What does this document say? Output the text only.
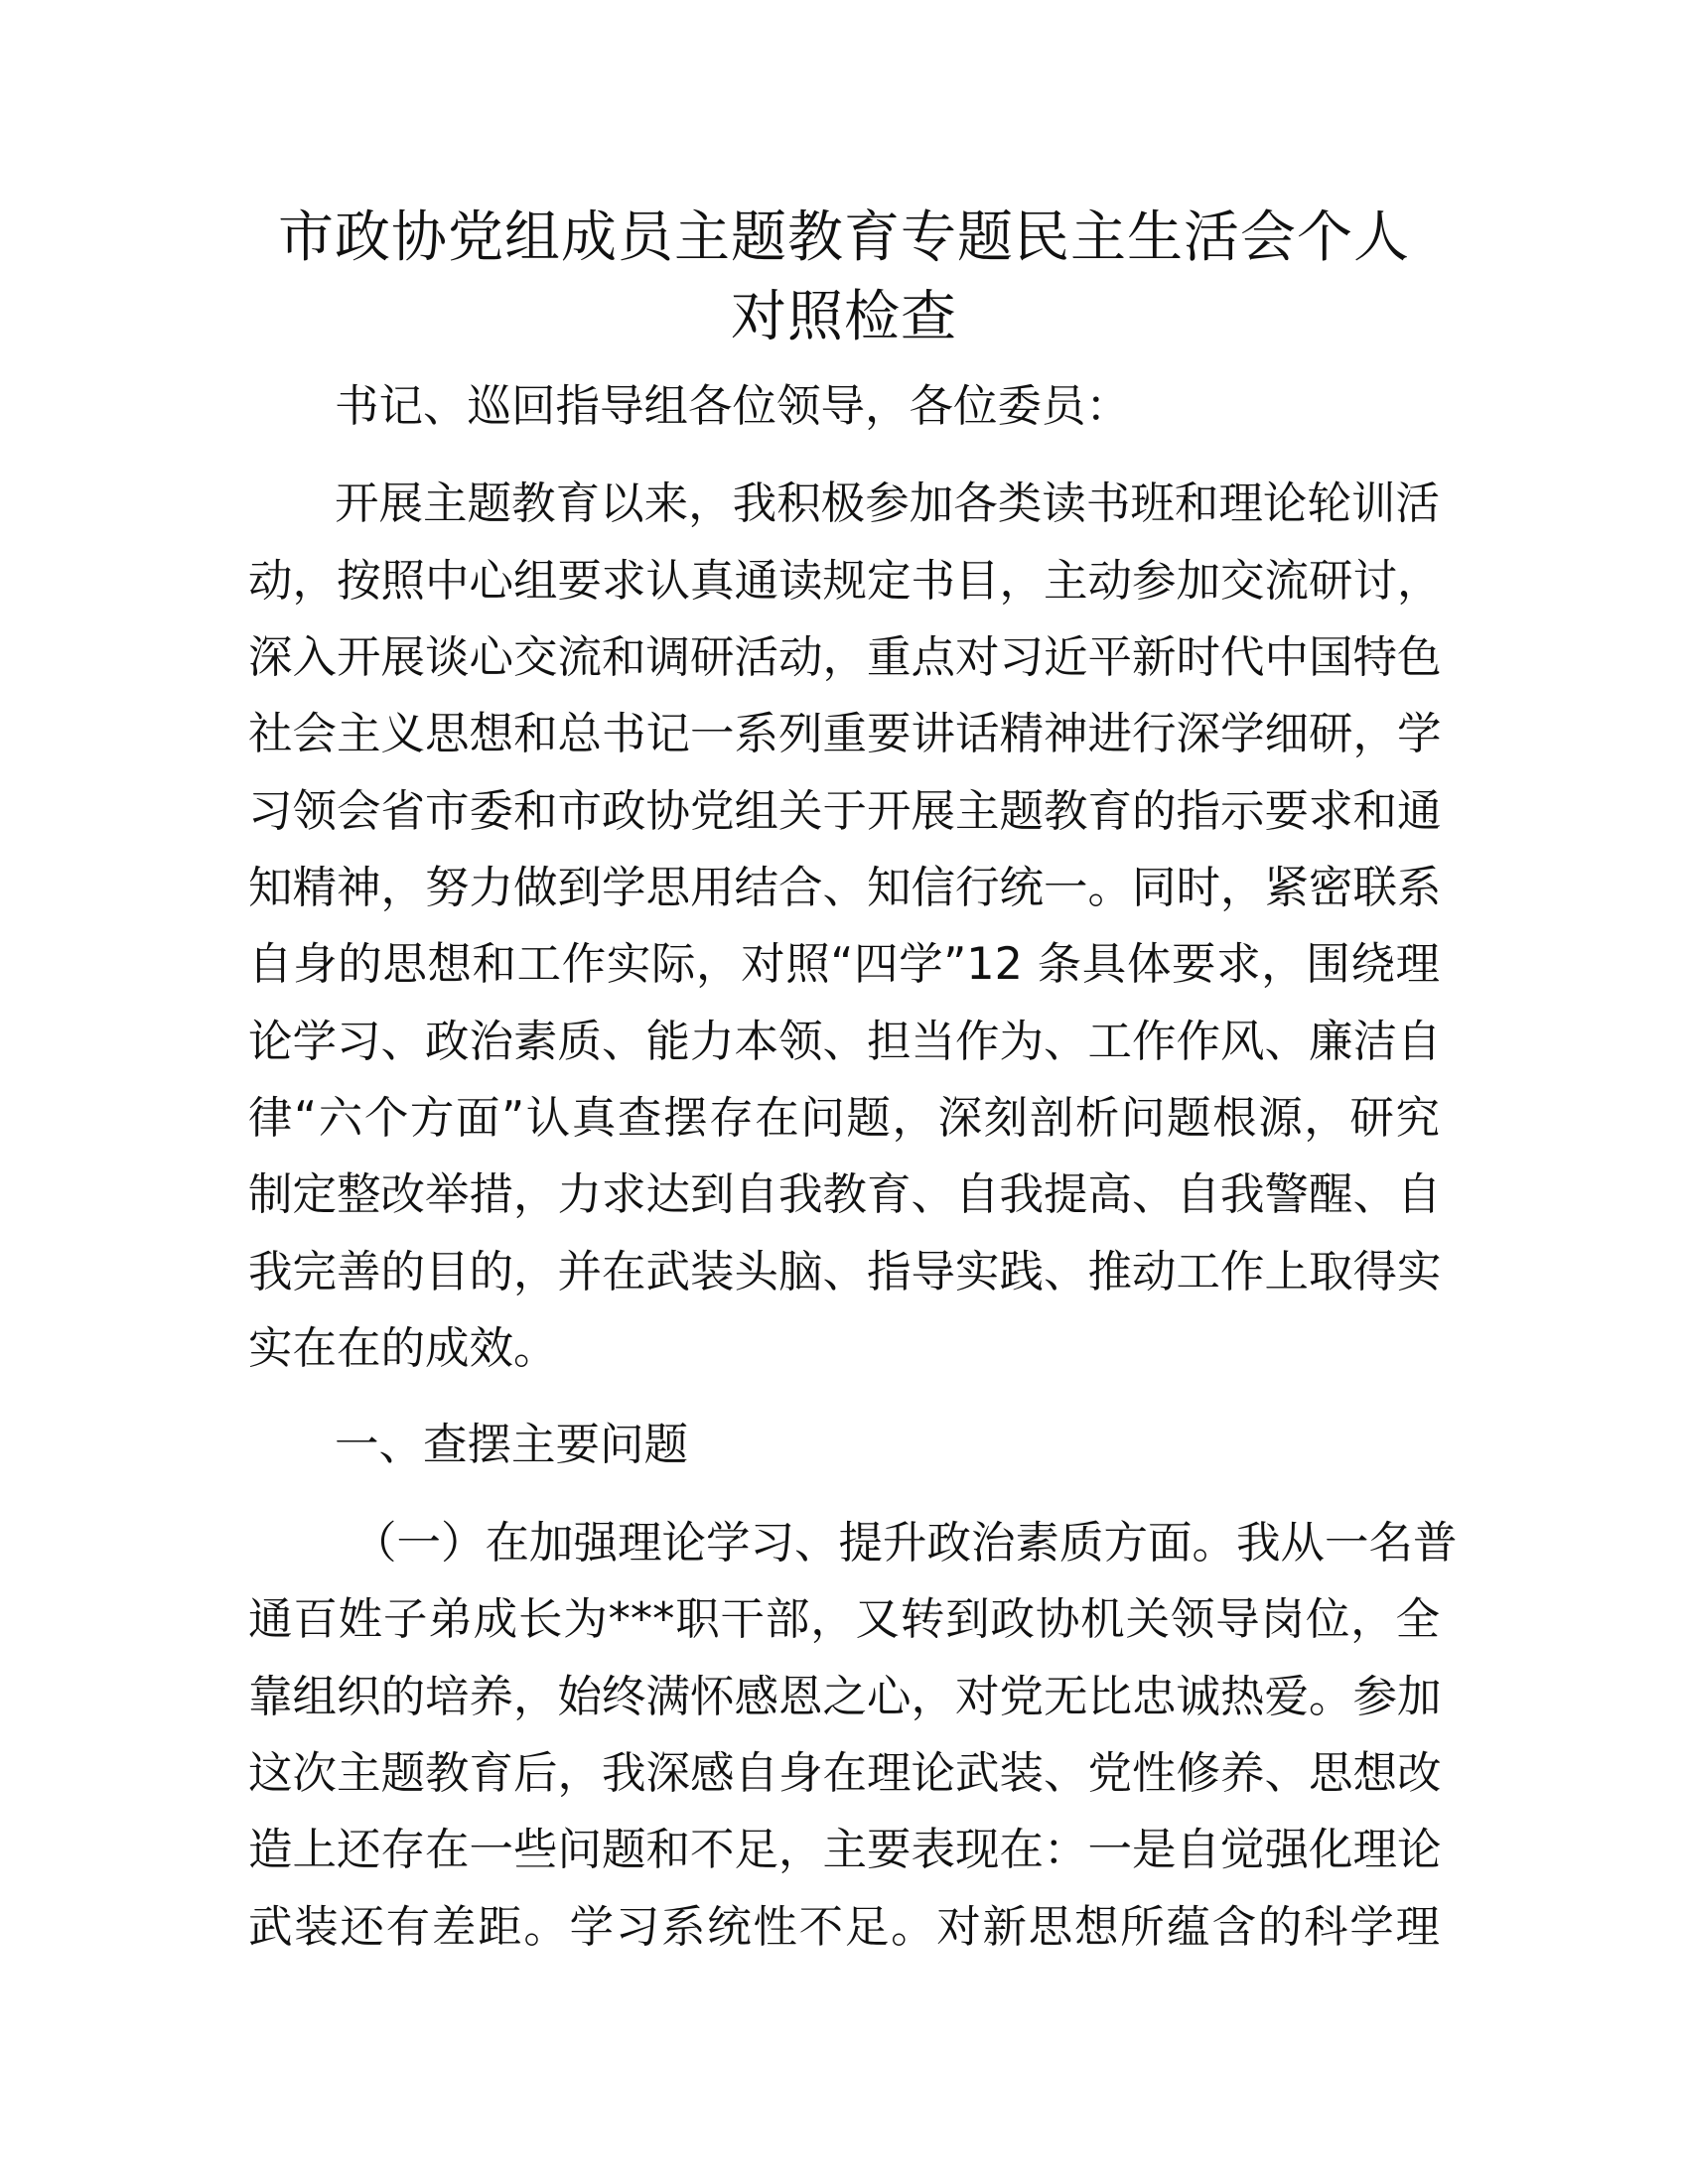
市政协党组成员主题教育专题民主生活会个人
对照检查
书记、巡回指导组各位领导，各位委员：
开展主题教育以来，我积极参加各类读书班和理论轮训活
动，按照中心组要求认真通读规定书目，主动参加交流研讨，
深入开展谈心交流和调研活动，重点对习近平新时代中国特色
社会主义思想和总书记一系列重要讲话精神进行深学细研，学
习领会省市委和市政协党组关于开展主题教育的指示要求和通
知精神，努力做到学思用结合、知信行统一。同时，紧密联系
自身的思想和工作实际，对照“四学”12 条具体要求，围绕理
论学习、政治素质、能力本领、担当作为、工作作风、廉洁自
律“六个方面”认真查摆存在问题，深刻剖析问题根源，研究
制定整改举措，力求达到自我教育、自我提高、自我警醒、自
我完善的目的，并在武装头脑、指导实践、推动工作上取得实
实在在的成效。
一、查摆主要问题
（一）在加强理论学习、提升政治素质方面。我从一名普
通百姓子弟成长为***职干部，又转到政协机关领导岗位，全
靠组织的培养，始终满怀感恩之心，对党无比忠诚热爱。参加
这次主题教育后，我深感自身在理论武装、党性修养、思想改
造上还存在一些问题和不足，主要表现在：一是自觉强化理论
武装还有差距。学习系统性不足。对新思想所蕴含的科学理
